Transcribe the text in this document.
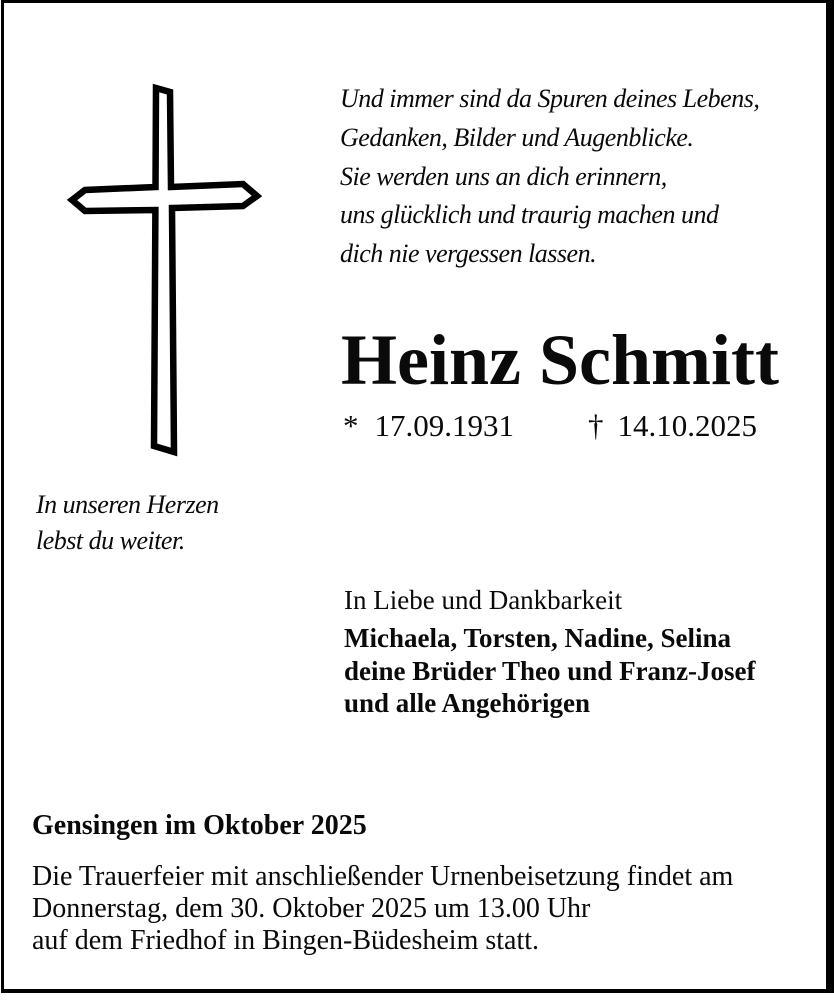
Und immer sind da Spuren deines Lebens,
Gedanken, Bilder und Augenblicke.
Sie werden uns an dich erinnern,
uns glücklich und traurig machen und
dich nie vergessen lassen.
Heinz Schmitt
* 17.09.1931 † 14.10.2025
In unseren Herzen
lebst du weiter.
In Liebe und Dankbarkeit
Michaela, Torsten, Nadine, Selina
deine Brüder Theo und Franz-Josef
und alle Angehörigen
Gensingen im Oktober 2025
Die Trauerfeier mit anschließender Urnenbeisetzung findet am
Donnerstag, dem 30. Oktober 2025 um 13.00 Uhr
auf dem Friedhof in Bingen-Büdesheim statt.
